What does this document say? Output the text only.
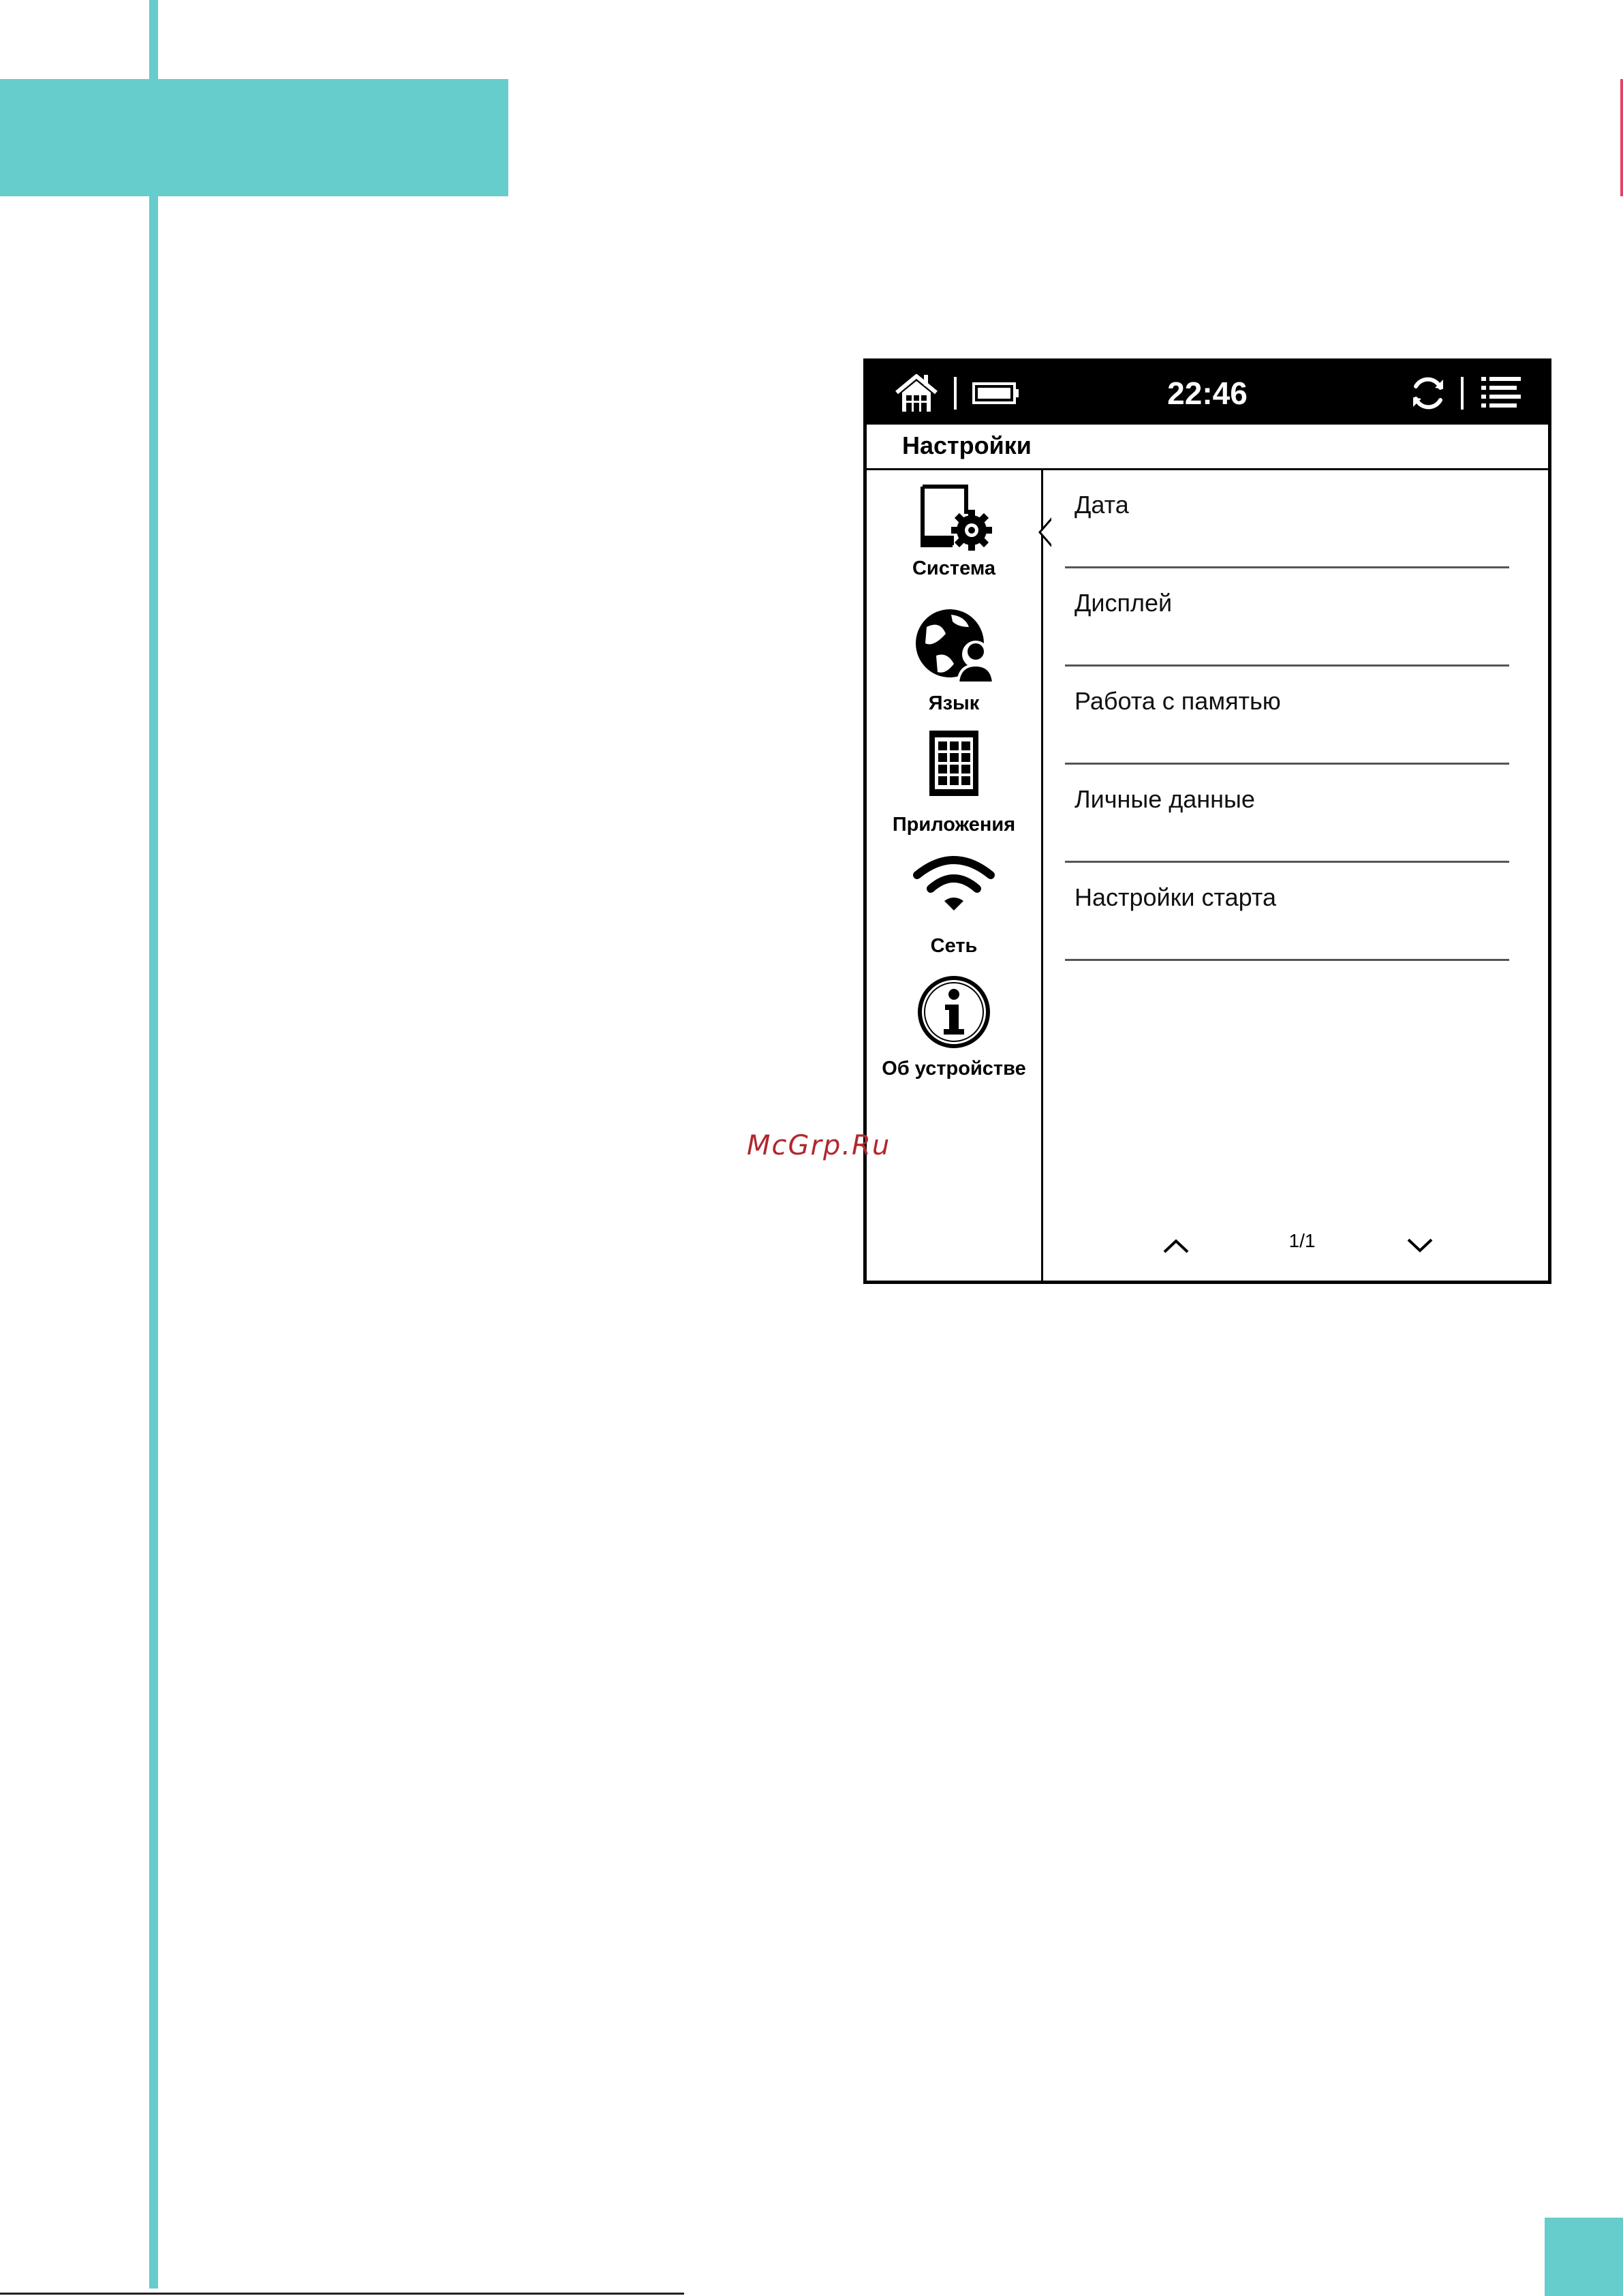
22:46
Настройки
Система
Язык
Приложения
Сеть
Об устройстве
Дата
Дисплей
Работа с памятью
Личные данные
Настройки старта
1/1
McGrp.Ru
